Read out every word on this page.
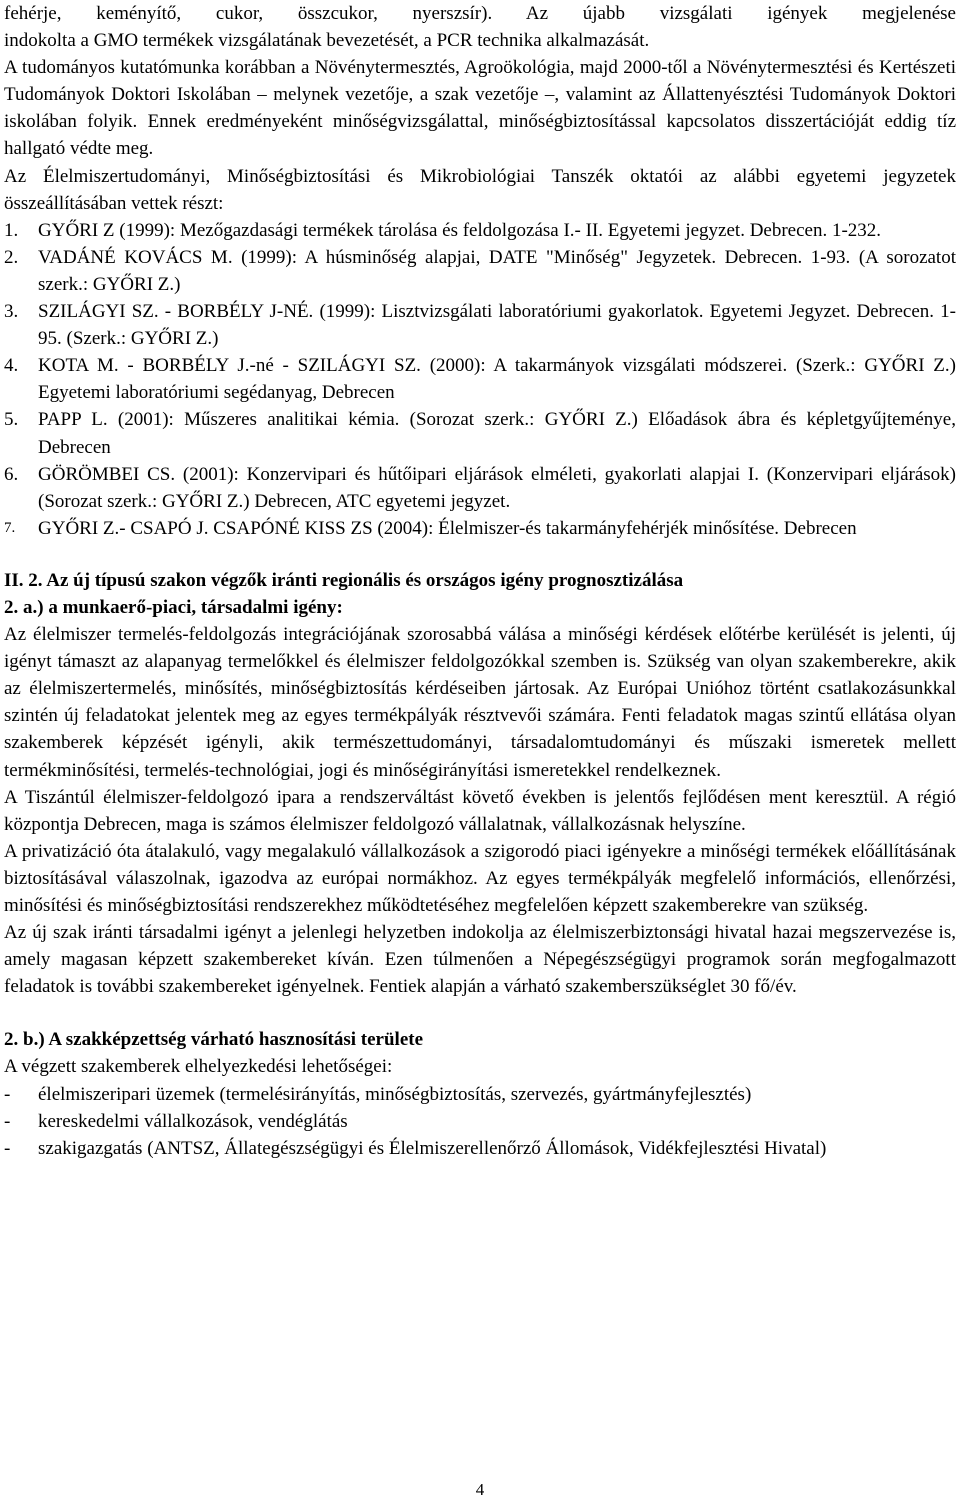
fehérje, keményítő, cukor, összcukor, nyerszsír). Az újabb vizsgálati igények megjelenése
indokolta a GMO termékek vizsgálatának bevezetését, a PCR technika alkalmazását.

A tudományos kutatómunka korábban a Növénytermesztés, Agroökológia, majd 2000-től a Növénytermesztési és Kertészeti Tudományok Doktori Iskolában – melynek vezetője, a szak vezetője –, valamint az Állattenyésztési Tudományok Doktori iskolában folyik. Ennek eredményeként minőségvizsgálattal, minőségbiztosítással kapcsolatos disszertációját eddig tíz hallgató védte meg.

Az Élelmiszertudományi, Minőségbiztosítási és Mikrobiológiai Tanszék oktatói az alábbi egyetemi jegyzetek összeállításában vettek részt:

1. GYŐRI Z (1999): Mezőgazdasági termékek tárolása és feldolgozása I.- II. Egyetemi jegyzet. Debrecen. 1-232.
2. VADÁNÉ KOVÁCS M. (1999): A húsminőség alapjai, DATE "Minőség" Jegyzetek. Debrecen. 1-93. (A sorozatot szerk.: GYŐRI Z.)
3. SZILÁGYI SZ. - BORBÉLY J-NÉ. (1999): Lisztvizsgálati laboratóriumi gyakorlatok. Egyetemi Jegyzet. Debrecen. 1-95. (Szerk.: GYŐRI Z.)
4. KOTA M. - BORBÉLY J.-né - SZILÁGYI SZ. (2000): A takarmányok vizsgálati módszerei. (Szerk.: GYŐRI Z.) Egyetemi laboratóriumi segédanyag, Debrecen
5. PAPP L. (2001): Műszeres analitikai kémia. (Sorozat szerk.: GYŐRI Z.) Előadások ábra és képletgyűjteménye, Debrecen
6. GÖRÖMBEI CS. (2001): Konzervipari és hűtőipari eljárások elméleti, gyakorlati alapjai I. (Konzervipari eljárások) (Sorozat szerk.: GYŐRI Z.) Debrecen, ATC egyetemi jegyzet.
7. GYŐRI Z.- CSAPÓ J. CSAPÓNÉ KISS ZS (2004): Élelmiszer-és takarmányfehérjék minősítése. Debrecen
II. 2. Az új típusú szakon végzők iránti regionális és országos igény prognosztizálása
2. a.) a munkaerő-piaci, társadalmi igény:

Az élelmiszer termelés-feldolgozás integrációjának szorosabbá válása a minőségi kérdések előtérbe kerülését is jelenti, új igényt támaszt az alapanyag termelőkkel és élelmiszer feldolgozókkal szemben is. Szükség van olyan szakemberekre, akik az élelmiszertermelés, minősítés, minőségbiztosítás kérdéseiben jártosak. Az Európai Unióhoz történt csatlakozásunkkal szintén új feladatokat jelentek meg az egyes termékpályák résztvevői számára. Fenti feladatok magas szintű ellátása olyan szakemberek képzését igényli, akik természettudományi, társadalomtudományi és műszaki ismeretek mellett termékminősítési, termelés-technológiai, jogi és minőségirányítási ismeretekkel rendelkeznek.

A Tiszántúl élelmiszer-feldolgozó ipara a rendszerváltást követő években is jelentős fejlődésen ment keresztül. A régió központja Debrecen, maga is számos élelmiszer feldolgozó vállalatnak, vállalkozásnak helyszíne.

A privatizáció óta átalakuló, vagy megalakuló vállalkozások a szigorodó piaci igényekre a minőségi termékek előállításának biztosításával válaszolnak, igazodva az európai normákhoz. Az egyes termékpályák megfelelő információs, ellenőrzési, minősítési és minőségbiztosítási rendszerekhez működtetéséhez megfelelően képzett szakemberekre van szükség.

Az új szak iránti társadalmi igényt a jelenlegi helyzetben indokolja az élelmiszerbiztonsági hivatal hazai megszervezése is, amely magasan képzett szakembereket kíván. Ezen túlmenően a Népegészségügyi programok során megfogalmazott feladatok is további szakembereket igényelnek. Fentiek alapján a várható szakemberszükséglet 30 fő/év.

2. b.) A szakképzettség várható hasznosítási területe

A végzett szakemberek elhelyezkedési lehetőségei:

- élelmiszeripari üzemek (termelésirányítás, minőségbiztosítás, szervezés, gyártmányfejlesztés)
- kereskedelmi vállalkozások, vendéglátás
- szakigazgatás (ANTSZ, Állategészségügyi és Élelmiszerellenőrző Állomások, Vidékfejlesztési Hivatal)
4
